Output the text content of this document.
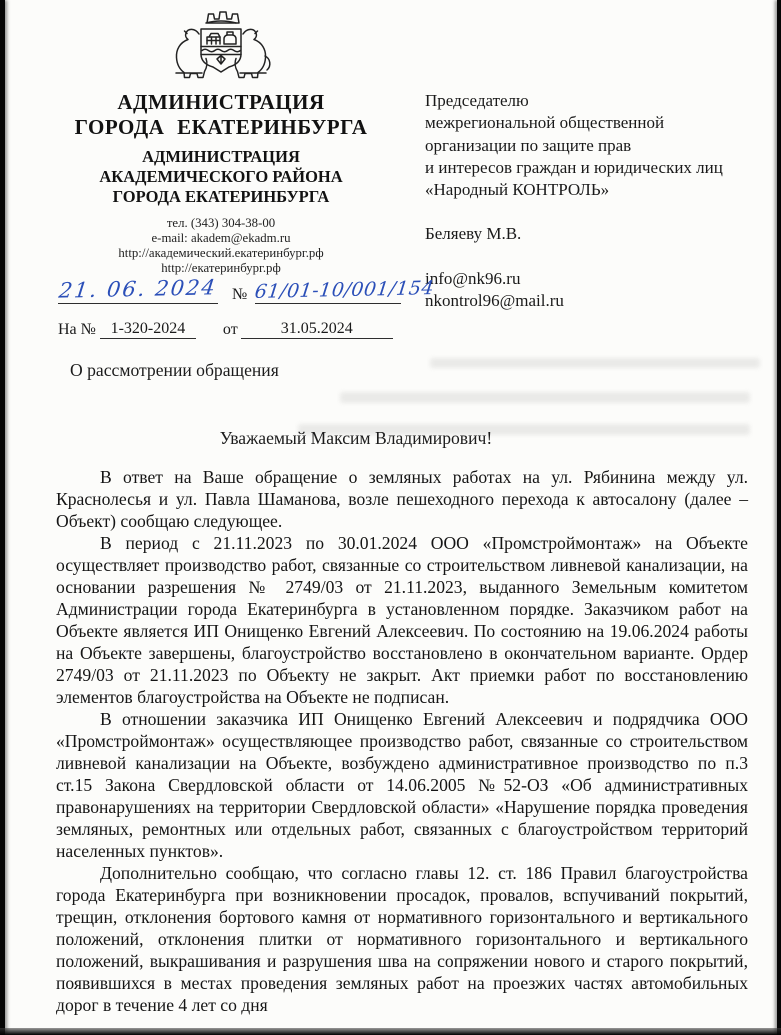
АДМИНИСТРАЦИЯ
ГОРОДА ЕКАТЕРИНБУРГА
АДМИНИСТРАЦИЯ
АКАДЕМИЧЕСКОГО РАЙОНА
ГОРОДА ЕКАТЕРИНБУРГА
тел. (343) 304-38-00
e-mail: akadem@ekadm.ru
http://академический.екатеринбург.рф
http://екатеринбург.рф
Председателю
межрегиональной общественной
организации по защите прав
и интересов граждан и юридических лиц
«Народный КОНТРОЛЬ»
Беляеву М.В.
info@nk96.ru
nkontrol96@mail.ru
21. 06. 2024 № 61/01-10/001/154
На № 1-320-2024	от	31.05.2024
О рассмотрении обращения
Уважаемый Максим Владимирович!

В ответ на Ваше обращение о земляных работах на ул. Рябинина между ул. Краснолесья и ул. Павла Шаманова, возле пешеходного перехода к автосалону (далее – Объект) сообщаю следующее.

В период с 21.11.2023 по 30.01.2024 ООО «Промстроймонтаж» на Объекте осуществляет производство работ, связанные со строительством ливневой канализации, на основании разрешения № 2749/03 от 21.11.2023, выданного Земельным комитетом Администрации города Екатеринбурга в установленном порядке. Заказчиком работ на Объекте является ИП Онищенко Евгений Алексеевич. По состоянию на 19.06.2024 работы на Объекте завершены, благоустройство восстановлено в окончательном варианте. Ордер 2749/03 от 21.11.2023 по Объекту не закрыт. Акт приемки работ по восстановлению элементов благоустройства на Объекте не подписан.

В отношении заказчика ИП Онищенко Евгений Алексеевич и подрядчика ООО «Промстроймонтаж» осуществляющее производство работ, связанные со строительством ливневой канализации на Объекте, возбуждено административное производство по п.3 ст.15 Закона Свердловской области от 14.06.2005 №52-ОЗ «Об административных правонарушениях на территории Свердловской области» «Нарушение порядка проведения земляных, ремонтных или отдельных работ, связанных с благоустройством территорий населенных пунктов».

Дополнительно сообщаю, что согласно главы 12. ст. 186 Правил благоустройства города Екатеринбурга при возникновении просадок, провалов, вспучиваний покрытий, трещин, отклонения бортового камня от нормативного горизонтального и вертикального положений, отклонения плитки от нормативного горизонтального и вертикального положений, выкрашивания и разрушения шва на сопряжении нового и старого покрытий, появившихся в местах проведения земляных работ на проезжих частях автомобильных дорог в течение 4 лет со дня
